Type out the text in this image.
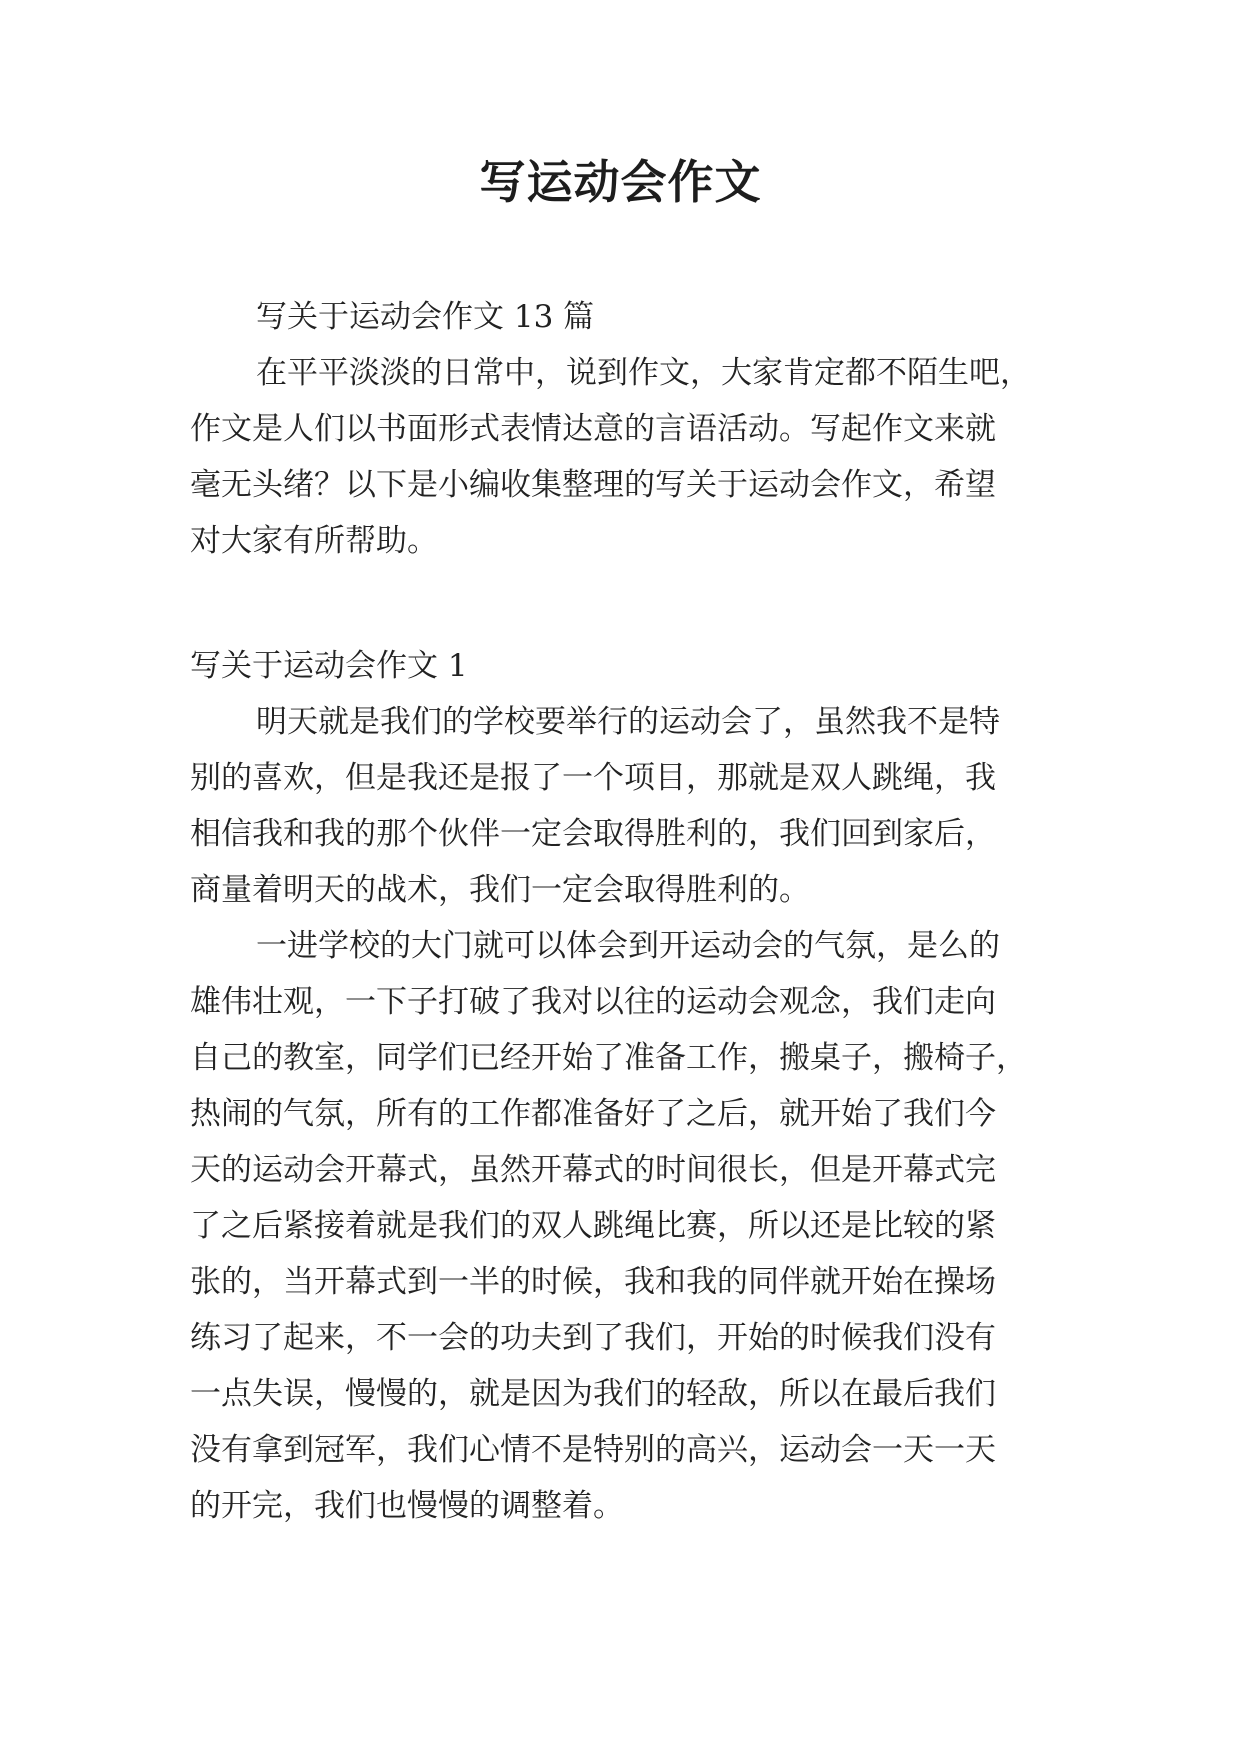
写运动会作文
写关于运动会作文 13 篇
在平平淡淡的日常中，说到作文，大家肯定都不陌生吧，
作文是人们以书面形式表情达意的言语活动。写起作文来就
毫无头绪？以下是小编收集整理的写关于运动会作文，希望
对大家有所帮助。
写关于运动会作文 1
明天就是我们的学校要举行的运动会了，虽然我不是特
别的喜欢，但是我还是报了一个项目，那就是双人跳绳，我
相信我和我的那个伙伴一定会取得胜利的，我们回到家后，
商量着明天的战术，我们一定会取得胜利的。
一进学校的大门就可以体会到开运动会的气氛，是么的
雄伟壮观，一下子打破了我对以往的运动会观念，我们走向
自己的教室，同学们已经开始了准备工作，搬桌子，搬椅子，
热闹的气氛，所有的工作都准备好了之后，就开始了我们今
天的运动会开幕式，虽然开幕式的时间很长，但是开幕式完
了之后紧接着就是我们的双人跳绳比赛，所以还是比较的紧
张的，当开幕式到一半的时候，我和我的同伴就开始在操场
练习了起来，不一会的功夫到了我们，开始的时候我们没有
一点失误，慢慢的，就是因为我们的轻敌，所以在最后我们
没有拿到冠军，我们心情不是特别的高兴，运动会一天一天
的开完，我们也慢慢的调整着。
